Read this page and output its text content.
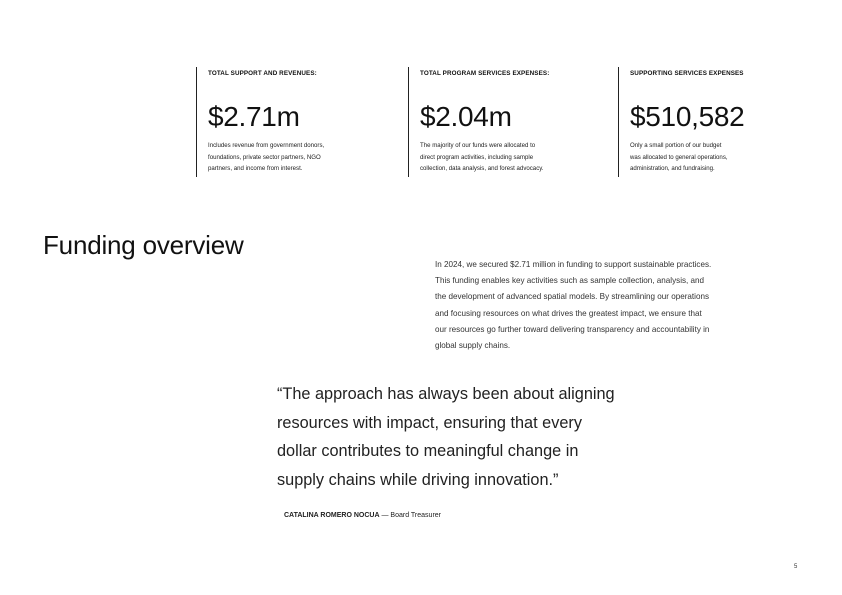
TOTAL SUPPORT AND REVENUES:
$2.71m
Includes revenue from government donors,
foundations, private sector partners, NGO
partners, and income from interest.
TOTAL PROGRAM SERVICES EXPENSES:
$2.04m
The majority of our funds were allocated to
direct program activities, including sample
collection, data analysis, and forest advocacy.
SUPPORTING SERVICES EXPENSES
$510,582
Only a small portion of our budget
was allocated to general operations,
administration, and fundraising.
Funding overview

In 2024, we secured $2.71 million in funding to support sustainable practices.
This funding enables key activities such as sample collection, analysis, and
the development of advanced spatial models. By streamlining our operations
and focusing resources on what drives the greatest impact, we ensure that
our resources go further toward delivering transparency and accountability in
global supply chains.

“The approach has always been about aligning
resources with impact, ensuring that every
dollar contributes to meaningful change in
supply chains while driving innovation.”

CATALINA ROMERO NOCUA — Board Treasurer
5
